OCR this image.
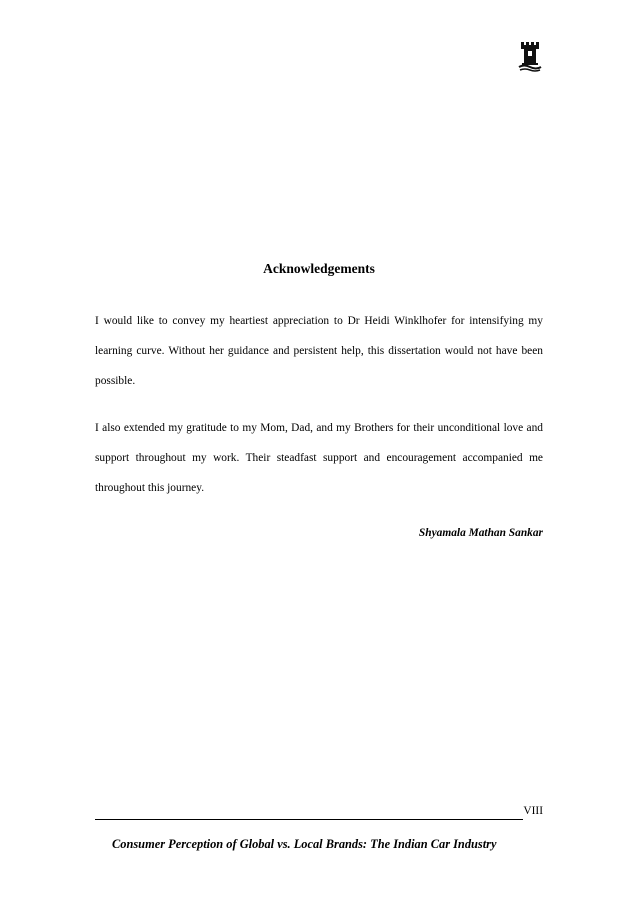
Acknowledgements

I would like to convey my heartiest appreciation to Dr Heidi Winklhofer for intensifying my learning curve. Without her guidance and persistent help, this dissertation would not have been possible.

I also extended my gratitude to my Mom, Dad, and my Brothers for their unconditional love and support throughout my work. Their steadfast support and encouragement accompanied me throughout this journey.

Shyamala Mathan Sankar

VIII

Consumer Perception of Global vs. Local Brands: The Indian Car Industry
